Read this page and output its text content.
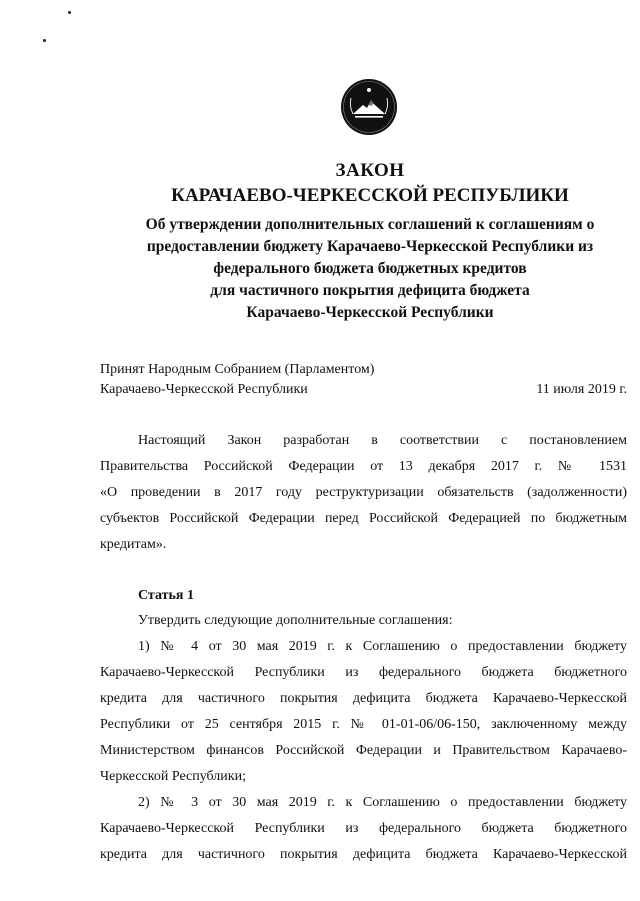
ЗАКОН
КАРАЧАЕВО-ЧЕРКЕССКОЙ РЕСПУБЛИКИ
Об утверждении дополнительных соглашений к соглашениям о
предоставлении бюджету Карачаево-Черкесской Республики из
федерального бюджета бюджетных кредитов
для частичного покрытия дефицита бюджета
Карачаево-Черкесской Республики
Принят Народным Собранием (Парламентом)
Карачаево-Черкесской Республики	11 июля 2019 г.
Настоящий Закон разработан в соответствии с постановлением
Правительства Российской Федерации от 13 декабря 2017 г. № 1531
«О проведении в 2017 году реструктуризации обязательств (задолженности)
субъектов Российской Федерации перед Российской Федерацией по бюджетным
кредитам».
Статья 1
Утвердить следующие дополнительные соглашения:
1) № 4 от 30 мая 2019 г. к Соглашению о предоставлении бюджету
Карачаево-Черкесской Республики из федерального бюджета бюджетного
кредита для частичного покрытия дефицита бюджета Карачаево-Черкесской
Республики от 25 сентября 2015 г. № 01-01-06/06-150, заключенному между
Министерством финансов Российской Федерации и Правительством Карачаево-
Черкесской Республики;
2) № 3 от 30 мая 2019 г. к Соглашению о предоставлении бюджету
Карачаево-Черкесской Республики из федерального бюджета бюджетного
кредита для частичного покрытия дефицита бюджета Карачаево-Черкесской
